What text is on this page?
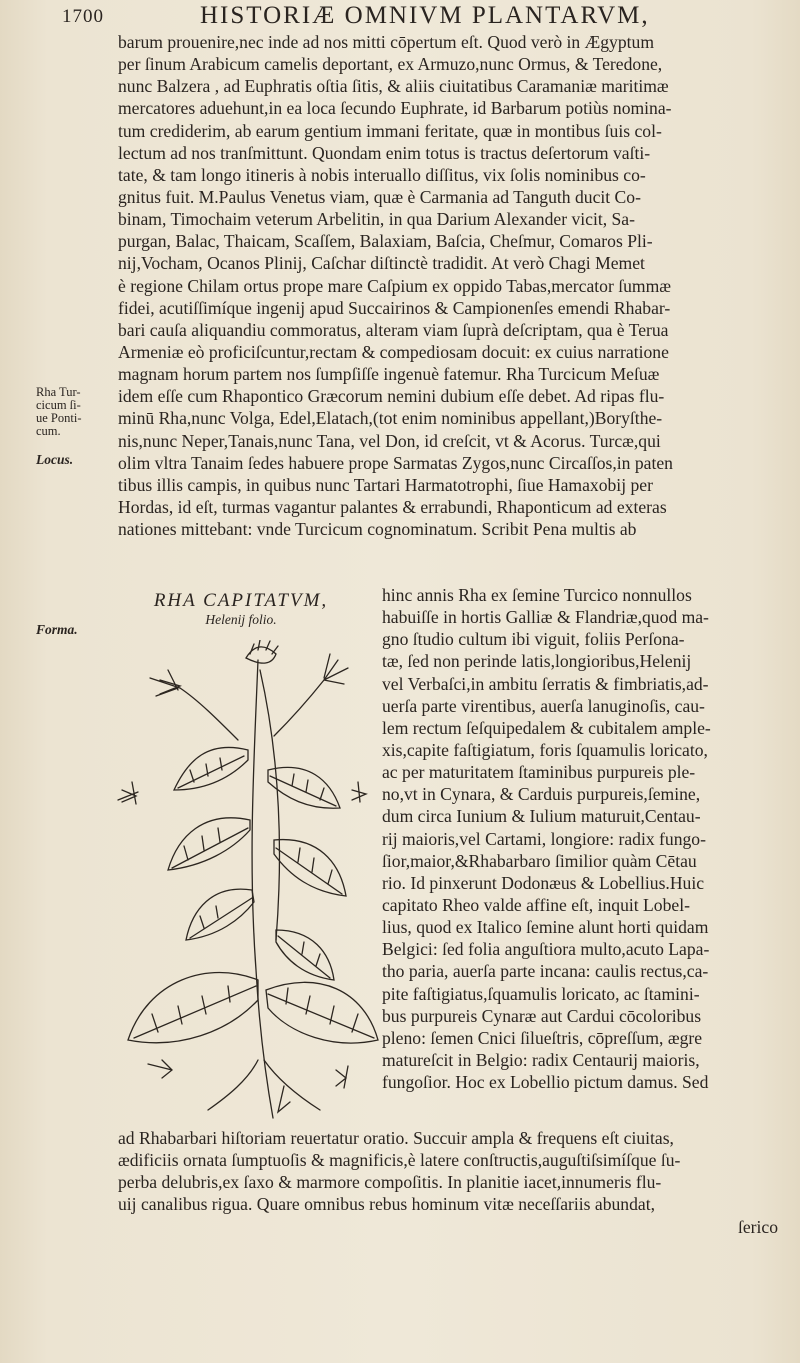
1700	HISTORIÆ OMNIVM PLANTARVM,
barum prouenire,nec inde ad nos mitti cōpertum eſt. Quod verò in Ægyptum
per ſinum Arabicum camelis deportant, ex Armuzo,nunc Ormus, & Teredone,
nunc Balzera , ad Euphratis oſtia ſitis, & aliis ciuitatibus Caramaniæ maritimæ
mercatores aduehunt,in ea loca ſecundo Euphrate, id Barbarum potiùs nomina-
tum crediderim, ab earum gentium immani feritate, quæ in montibus ſuis col-
lectum ad nos tranſmittunt. Quondam enim totus is tractus deſertorum vaſti-
tate, & tam longo itineris à nobis interuallo diſſitus, vix ſolis nominibus co-
gnitus fuit. M.Paulus Venetus viam, quæ è Carmania ad Tanguth ducit Co-
binam, Timochaim veterum Arbelitin, in qua Darium Alexander vicit, Sa-
purgan, Balac, Thaicam, Scaſſem, Balaxiam, Baſcia, Cheſmur, Comaros Pli-
nij,Vocham, Ocanos Plinij, Caſchar diſtinctè tradidit. At verò Chagi Memet
è regione Chilam ortus prope mare Caſpium ex oppido Tabas,mercator ſummæ
fidei, acutiſſimíque ingenij apud Succairinos & Campionenſes emendi Rhabar-
bari cauſa aliquandiu commoratus, alteram viam ſuprà deſcriptam, qua è Terua
Armeniæ eò proficiſcuntur,rectam & compediosam docuit: ex cuius narratione
magnam horum partem nos ſumpſiſſe ingenuè fatemur. Rha Turcicum Meſuæ
idem eſſe cum Rhapontico Græcorum nemini dubium eſſe debet. Ad ripas flu-
minū Rha,nunc Volga, Edel,Elatach,(tot enim nominibus appellant,)Boryſthe-
nis,nunc Neper,Tanais,nunc Tana, vel Don, id creſcit, vt & Acorus. Turcæ,qui
olim vltra Tanaim ſedes habuere prope Sarmatas Zygos,nunc Circaſſos,in paten
tibus illis campis, in quibus nunc Tartari Harmatotrophi, ſiue Hamaxobij per
Hordas, id eſt, turmas vagantur palantes & errabundi, Rhaponticum ad exteras
nationes mittebant: vnde Turcicum cognominatum. Scribit Pena multis ab
Rha Tur-
cicum ſi-
ue Ponti-
cum.
Locus.
Forma.
RHA CAPITATVM,
Helenij folio.
hinc annis Rha ex ſemine Turcico nonnullos
habuiſſe in hortis Galliæ & Flandriæ,quod ma-
gno ſtudio cultum ibi viguit, foliis Perſona-
tæ, ſed non perinde latis,longioribus,Helenij
vel Verbaſci,in ambitu ſerratis & fimbriatis,ad-
uerſa parte virentibus, auerſa lanuginoſis, cau-
lem rectum ſeſquipedalem & cubitalem ample-
xis,capite faſtigiatum, foris ſquamulis loricato,
ac per maturitatem ſtaminibus purpureis ple-
no,vt in Cynara, & Carduis purpureis,ſemine,
dum circa Iunium & Iulium maturuit,Centau-
rij maioris,vel Cartami, longiore: radix fungo-
ſior,maior,&Rhabarbaro ſimilior quàm Cētau
rio. Id pinxerunt Dodonæus & Lobellius.Huic
capitato Rheo valde affine eſt, inquit Lobel-
lius, quod ex Italico ſemine alunt horti quidam
Belgici: ſed folia anguſtiora multo,acuto Lapa-
tho paria, auerſa parte incana: caulis rectus,ca-
pite faſtigiatus,ſquamulis loricato, ac ſtamini-
bus purpureis Cynaræ aut Cardui cōcoloribus
pleno: ſemen Cnici ſilueſtris, cōpreſſum, ægre
matureſcit in Belgio: radix Centaurij maioris,
fungoſior. Hoc ex Lobellio pictum damus. Sed
ad Rhabarbari hiſtoriam reuertatur oratio. Succuir ampla & frequens eſt ciuitas,
ædificiis ornata ſumptuoſis & magnificis,è latere conſtructis,auguſtiſsimíſque ſu-
perba delubris,ex ſaxo & marmore compoſitis. In planitie iacet,innumeris flu-
uij canalibus rigua. Quare omnibus rebus hominum vitæ neceſſariis abundat,
ſerico
